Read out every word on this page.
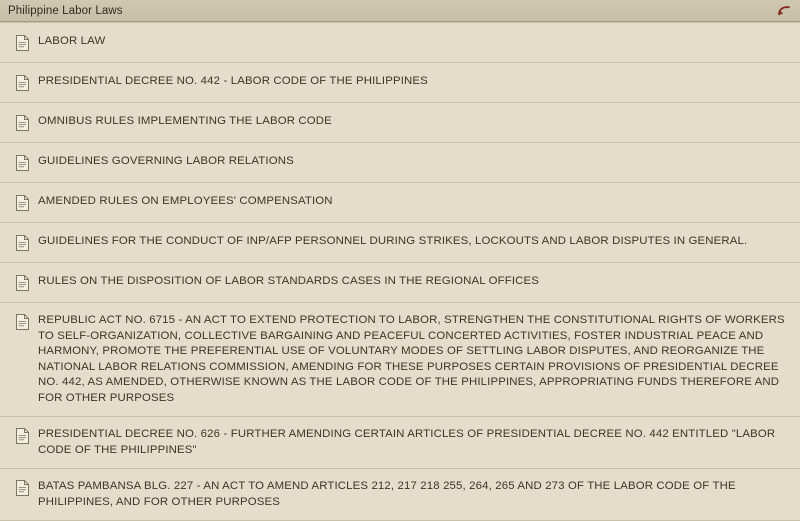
Philippine Labor Laws
LABOR LAW
PRESIDENTIAL DECREE NO. 442 - LABOR CODE OF THE PHILIPPINES
OMNIBUS RULES IMPLEMENTING THE LABOR CODE
GUIDELINES GOVERNING LABOR RELATIONS
AMENDED RULES ON EMPLOYEES' COMPENSATION
GUIDELINES FOR THE CONDUCT OF INP/AFP PERSONNEL DURING STRIKES, LOCKOUTS AND LABOR DISPUTES IN GENERAL.
RULES ON THE DISPOSITION OF LABOR STANDARDS CASES IN THE REGIONAL OFFICES
REPUBLIC ACT NO. 6715 - AN ACT TO EXTEND PROTECTION TO LABOR, STRENGTHEN THE CONSTITUTIONAL RIGHTS OF WORKERS TO SELF-ORGANIZATION, COLLECTIVE BARGAINING AND PEACEFUL CONCERTED ACTIVITIES, FOSTER INDUSTRIAL PEACE AND HARMONY, PROMOTE THE PREFERENTIAL USE OF VOLUNTARY MODES OF SETTLING LABOR DISPUTES, AND REORGANIZE THE NATIONAL LABOR RELATIONS COMMISSION, AMENDING FOR THESE PURPOSES CERTAIN PROVISIONS OF PRESIDENTIAL DECREE NO. 442, AS AMENDED, OTHERWISE KNOWN AS THE LABOR CODE OF THE PHILIPPINES, APPROPRIATING FUNDS THEREFORE AND FOR OTHER PURPOSES
PRESIDENTIAL DECREE NO. 626 - FURTHER AMENDING CERTAIN ARTICLES OF PRESIDENTIAL DECREE NO. 442 ENTITLED "LABOR CODE OF THE PHILIPPINES"
BATAS PAMBANSA BLG. 227 - AN ACT TO AMEND ARTICLES 212, 217 218 255, 264, 265 AND 273 OF THE LABOR CODE OF THE PHILIPPINES, AND FOR OTHER PURPOSES
